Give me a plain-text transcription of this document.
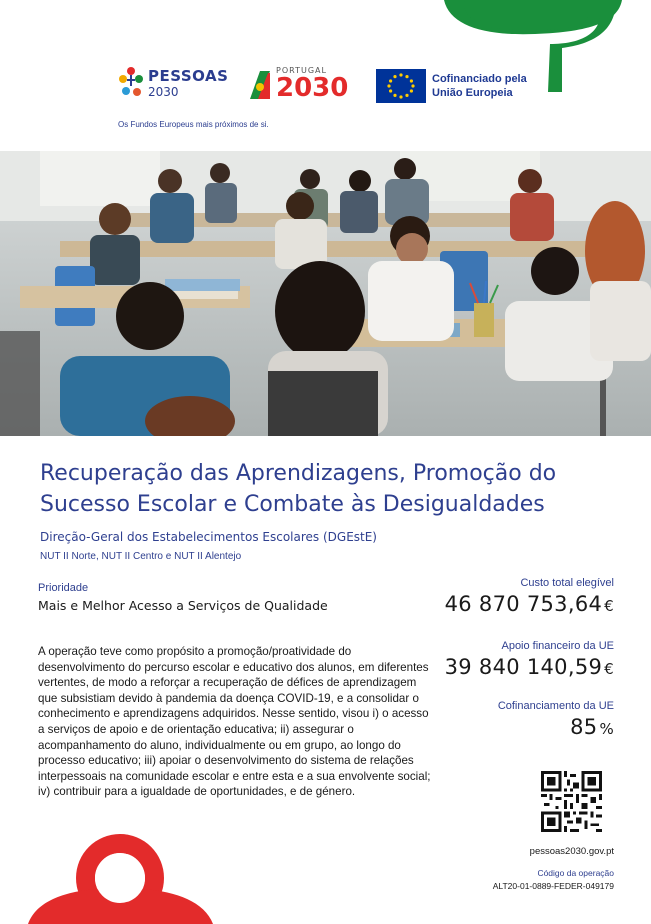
PESSOAS
2030
PORTUGAL
2030	Cofinanciado pela
União Europeia
Os Fundos Europeus mais próximos de si.
Recuperação das Aprendizagens, Promoção do Sucesso Escolar e Combate às Desigualdades
Direção-Geral dos Estabelecimentos Escolares (DGEstE)
NUT II Norte, NUT II Centro e NUT II Alentejo
Prioridade
Mais e Melhor Acesso a Serviços de Qualidade

A operação teve como propósito a promoção/proatividade do desenvolvimento do percurso escolar e educativo dos alunos, em diferentes vertentes, de modo a reforçar a recuperação de défices de aprendizagem que subsistiam devido à pandemia da doença COVID-19, e a consolidar o conhecimento e aprendizagens adquiridos. Nesse sentido, visou i) o acesso a serviços de apoio e de orientação educativa; ii) assegurar o acompanhamento do aluno, individualmente ou em grupo, ao longo do processo educativo; iii) apoiar o desenvolvimento do sistema de relações interpessoais na comunidade escolar e entre esta e a sua envolvente social; iv) contribuir para a igualdade de oportunidades, e de género.

Custo total elegível
46 870 753,64 €
Apoio financeiro da UE
39 840 140,59 €
Cofinanciamento da UE
85 %
pessoas2030.gov.pt
Código da operação
ALT20-01-0889-FEDER-049179
